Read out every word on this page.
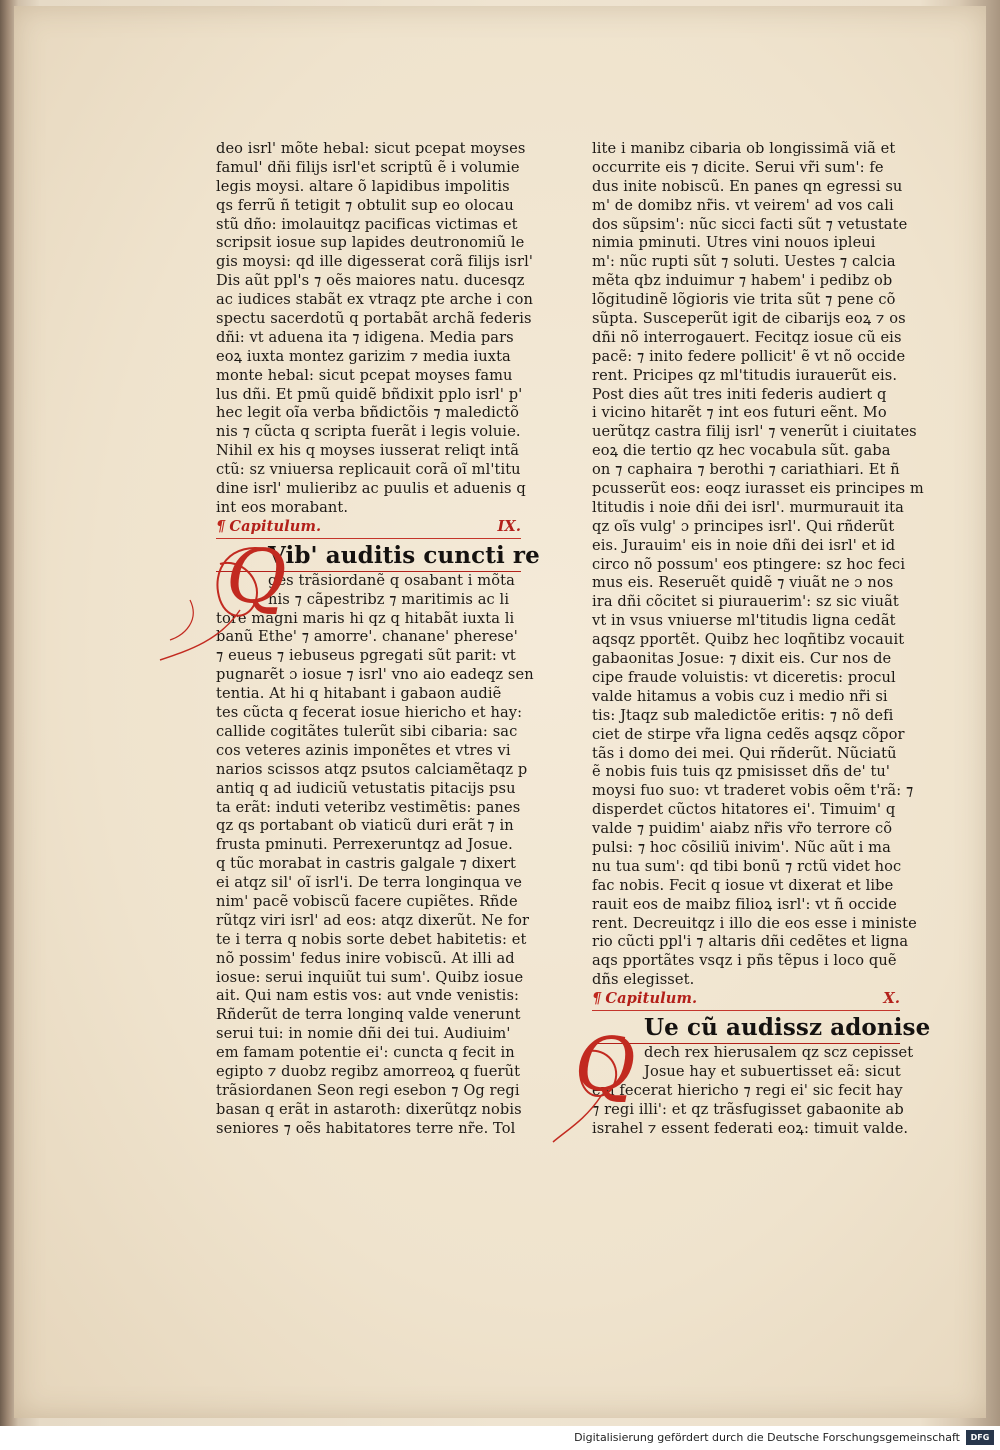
deo isrl' mõte hebal: sicut pcepat moyses
famul' dñi filijs isrl'et scriptũ ẽ i volumie
legis moysi. altare õ lapidibus impolitis
qs ferrũ ñ tetigit ⁊ obtulit sup eo olocau
stũ dño: imolauitqz pacificas victimas et
scripsit iosue sup lapides deutronomiũ le
gis moysi: qd ille digesserat corã filijs isrl'
Dis aũt ppl's ⁊ oẽs maiores natu. ducesqz
ac iudices stabãt ex vtraqz pte arche i con
spectu sacerdotũ q portabãt archã federis
dñi: vt aduena ita ⁊ idigena. Media pars
eoꝝ iuxta montez garizim ⁊ media iuxta
monte hebal: sicut pcepat moyses famu
lus dñi. Et pmũ quidẽ bñdixit pplo isrl' p'
hec legit oĩa verba bñdictõis ⁊ maledictõ
nis ⁊ cũcta q scripta fuerãt i legis voluie.
Nihil ex his q moyses iusserat reliqt intã
ctũ: sz vniuersa replicauit corã oĩ ml'titu
dine isrl' mulieribz ac puulis et aduenis q
int eos morabant.
¶ Capitulum.	IX.
Vib' auditis cuncti re
ges trãsiordanẽ q osabant i mõta
nis ⁊ cãpestribz ⁊ maritimis ac li
tore magni maris hi qz q hitabãt iuxta li
banũ Ethe' ⁊ amorre'. chanane' pherese'
⁊ eueus ⁊ iebuseus pgregati sũt parit: vt
pugnarẽt ɔ iosue ⁊ isrl' vno aio eadeqz sen
tentia. At hi q hitabant i gabaon audiẽ
tes cũcta q fecerat iosue hiericho et hay:
callide cogitãtes tulerũt sibi cibaria: sac
cos veteres azinis imponẽtes et vtres vi
narios scissos atqz psutos calciamẽtaqz p
antiq q ad iudiciũ vetustatis pitacijs psu
ta erãt: induti veteribz vestimẽtis: panes
qz qs portabant ob viaticũ duri erãt ⁊ in
frusta pminuti. Perrexeruntqz ad Josue.
q tũc morabat in castris galgale ⁊ dixert
ei atqz sil' oĩ isrl'i. De terra longinqua ve
nim' pacẽ vobiscũ facere cupiẽtes. Rñde
rũtqz viri isrl' ad eos: atqz dixerũt. Ne for
te i terra q nobis sorte debet habitetis: et
nõ possim' fedus inire vobiscũ. At illi ad
iosue: serui inquiũt tui sum'. Quibz iosue
ait. Qui nam estis vos: aut vnde venistis:
Rñderũt de terra longinq valde venerunt
serui tui: in nomie dñi dei tui. Audiuim'
em famam potentie ei': cuncta q fecit in
egipto ⁊ duobz regibz amorreoꝝ q fuerũt
trãsiordanen Seon regi esebon ⁊ Og regi
basan q erãt in astaroth: dixerũtqz nobis
seniores ⁊ oẽs habitatores terre nr̃e. Tol
lite i manibz cibaria ob longissimã viã et
occurrite eis ⁊ dicite. Serui vr̃i sum': fe
dus inite nobiscũ. En panes qn egressi su
m' de domibz nr̃is. vt veirem' ad vos cali
dos sũpsim': nũc sicci facti sũt ⁊ vetustate
nimia pminuti. Utres vini nouos ipleui
m': nũc rupti sũt ⁊ soluti. Uestes ⁊ calcia
mẽta qbz induimur ⁊ habem' i pedibz ob
lõgitudinẽ lõgioris vie trita sũt ⁊ pene cõ
sũpta. Susceperũt igit de cibarijs eoꝝ ⁊ os
dñi nõ interrogauert. Fecitqz iosue cũ eis
pacẽ: ⁊ inito federe pollicit' ẽ vt nõ occide
rent. Pricipes qz ml'titudis iurauerũt eis.
Post dies aũt tres initi federis audiert q
i vicino hitarẽt ⁊ int eos futuri eẽnt. Mo
uerũtqz castra filij isrl' ⁊ venerũt i ciuitates
eoꝝ die tertio qz hec vocabula sũt. gaba
on ⁊ caphaira ⁊ berothi ⁊ cariathiari. Et ñ
pcusserũt eos: eoqz iurasset eis principes m
ltitudis i noie dñi dei isrl'. murmurauit ita
qz oĩs vulg' ɔ principes isrl'. Qui rñderũt
eis. Jurauim' eis in noie dñi dei isrl' et id
circo nõ possum' eos ptingere: sz hoc feci
mus eis. Reseruẽt quidẽ ⁊ viuãt ne ɔ nos
ira dñi cõcitet si piurauerim': sz sic viuãt
vt in vsus vniuerse ml'titudis ligna cedãt
aqsqz pportẽt. Quibz hec loqñtibz vocauit
gabaonitas Josue: ⁊ dixit eis. Cur nos de
cipe fraude voluistis: vt diceretis: procul
valde hitamus a vobis cuz i medio nr̃i si
tis: Jtaqz sub maledictõe eritis: ⁊ nõ defi
ciet de stirpe vr̃a ligna cedẽs aqsqz cõpor
tãs i domo dei mei. Qui rñderũt. Nũciatũ
ẽ nobis fuis tuis qz pmisisset dñs de' tu'
moysi fuo suo: vt traderet vobis oẽm t'rã: ⁊
disperdet cũctos hitatores ei'. Timuim' q
valde ⁊ puidim' aiabz nr̃is vr̃o terrore cõ
pulsi: ⁊ hoc cõsiliũ inivim'. Nũc aũt i ma
nu tua sum': qd tibi bonũ ⁊ rctũ videt hoc
fac nobis. Fecit q iosue vt dixerat et libe
rauit eos de maibz filioꝝ isrl': vt ñ occide
rent. Decreuitqz i illo die eos esse i ministe
rio cũcti ppl'i ⁊ altaris dñi cedẽtes et ligna
aqs pportãtes vsqz i pñs tẽpus i loco quẽ
dñs elegisset.
¶ Capitulum.	X.
Ue cũ audissz adonise
dech rex hierusalem qz scz cepisset
Josue hay et subuertisset eã: sicut
em fecerat hiericho ⁊ regi ei' sic fecit hay
⁊ regi illi': et qz trãsfugisset gabaonite ab
israhel ⁊ essent federati eoꝝ: timuit valde.
Q
Q
Digitalisierung gefördert durch die Deutsche Forschungsgemeinschaft	DFG
